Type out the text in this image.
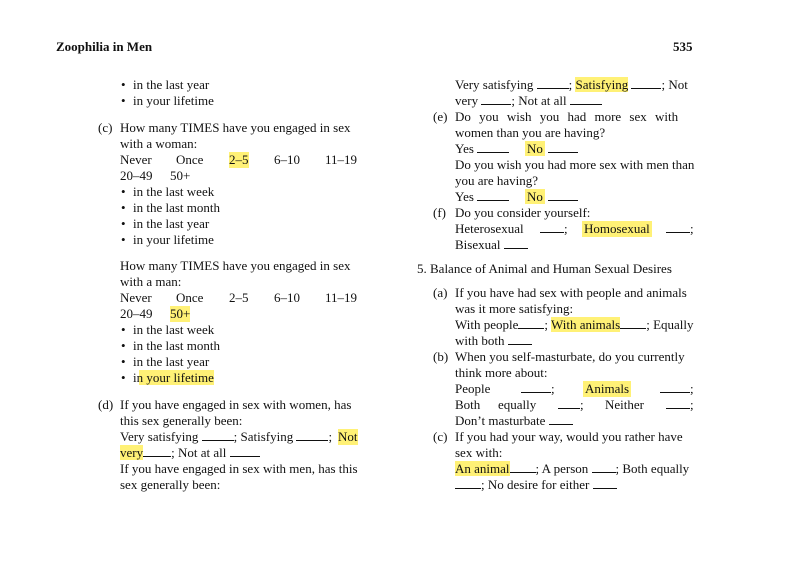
Zoophilia in Men	535
• in the last year
• in your lifetime
(c) How many TIMES have you engaged in sex
with a woman:
Never Once 2–5 6–10 11–19
20–49 50+
• in the last week
• in the last month
• in the last year
• in your lifetime
How many TIMES have you engaged in sex
with a man:
Never Once 2–5 6–10 11–19
20–49 50+
• in the last week
• in the last month
• in the last year
• in your lifetime
(d) If you have engaged in sex with women, has
this sex generally been:
Very satisfying	; Satisfying	; Not
very ; Not at all
If you have engaged in sex with men, has this
sex generally been:
Very satisfying	; Satisfying	; Not
very	; Not at all
(e) Do you wish you had more sex with
women than you are having?
Yes	No
Do you wish you had more sex with men than
you are having?
Yes	No
(f) Do you consider yourself:
Heterosexual	; Homosexual	;
Bisexual
5. Balance of Animal and Human Sexual Desires
(a) If you have had sex with people and animals
was it more satisfying:
With people ; With animals ; Equally
with both
(b) When you self-masturbate, do you currently
think more about:
People	; Animals	;
Both equally	; Neither	;
Don’t masturbate
(c) If you had your way, would you rather have
sex with:
An animal ; A person ; Both equally
; No desire for either
